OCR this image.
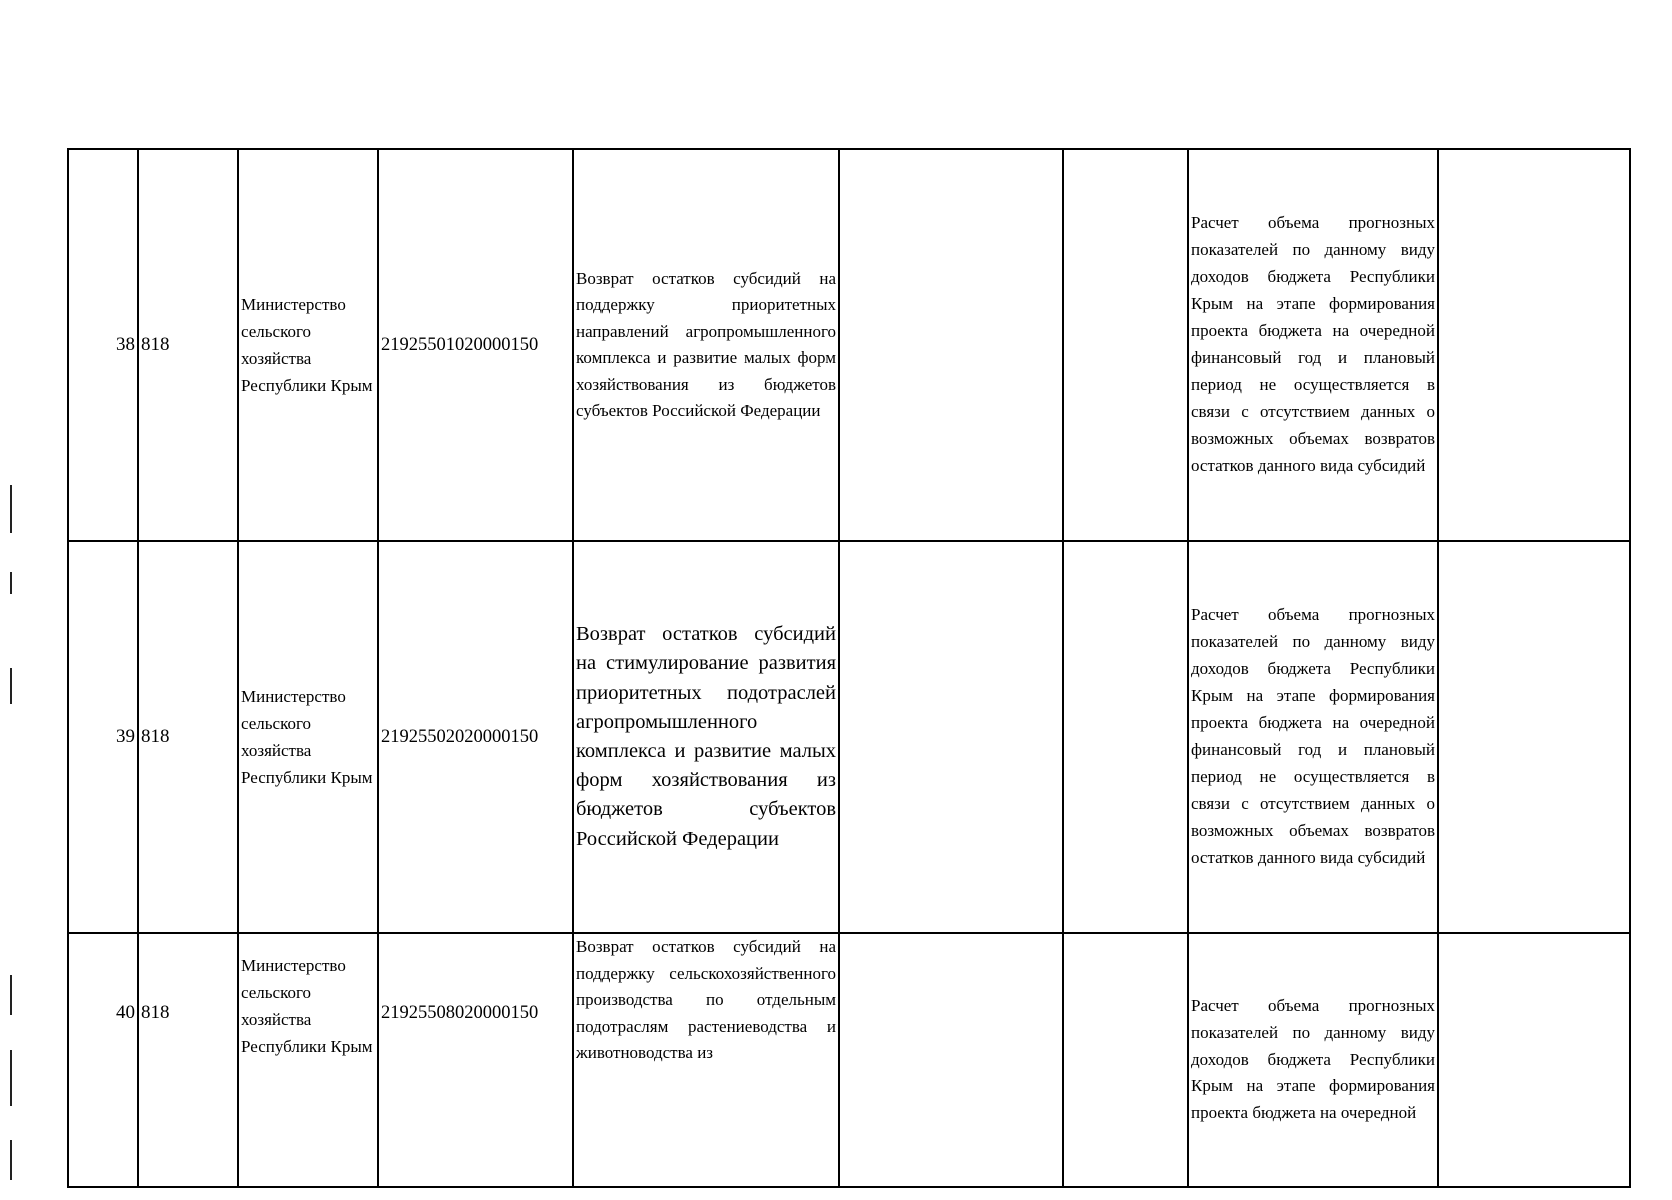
38	818	Министерство сельского хозяйства Республики Крым	21925501020000150	Возврат остатков субсидий на поддержку приоритетных направлений агропромышленного комплекса и развитие малых форм хозяйствования из бюджетов субъектов Российской Федерации			Расчет объема прогнозных показателей по данному виду доходов бюджета Республики Крым на этапе формирования проекта бюджета на очередной финансовый год и плановый период не осуществляется в связи с отсутствием данных о возможных объемах возвратов остатков данного вида субсидий	
39	818	Министерство сельского хозяйства Республики Крым	21925502020000150	Возврат остатков субсидий на стимулирование развития приоритетных подотраслей агропромышленного комплекса и развитие малых форм хозяйствования из бюджетов субъектов Российской Федерации			Расчет объема прогнозных показателей по данному виду доходов бюджета Республики Крым на этапе формирования проекта бюджета на очередной финансовый год и плановый период не осуществляется в связи с отсутствием данных о возможных объемах возвратов остатков данного вида субсидий	
40	818	Министерство сельского хозяйства Республики Крым	21925508020000150	Возврат остатков субсидий на поддержку сельскохозяйственного производства по отдельным подотраслям растениеводства и животноводства из			Расчет объема прогнозных показателей по данному виду доходов бюджета Республики Крым на этапе формирования проекта бюджета на очередной	
